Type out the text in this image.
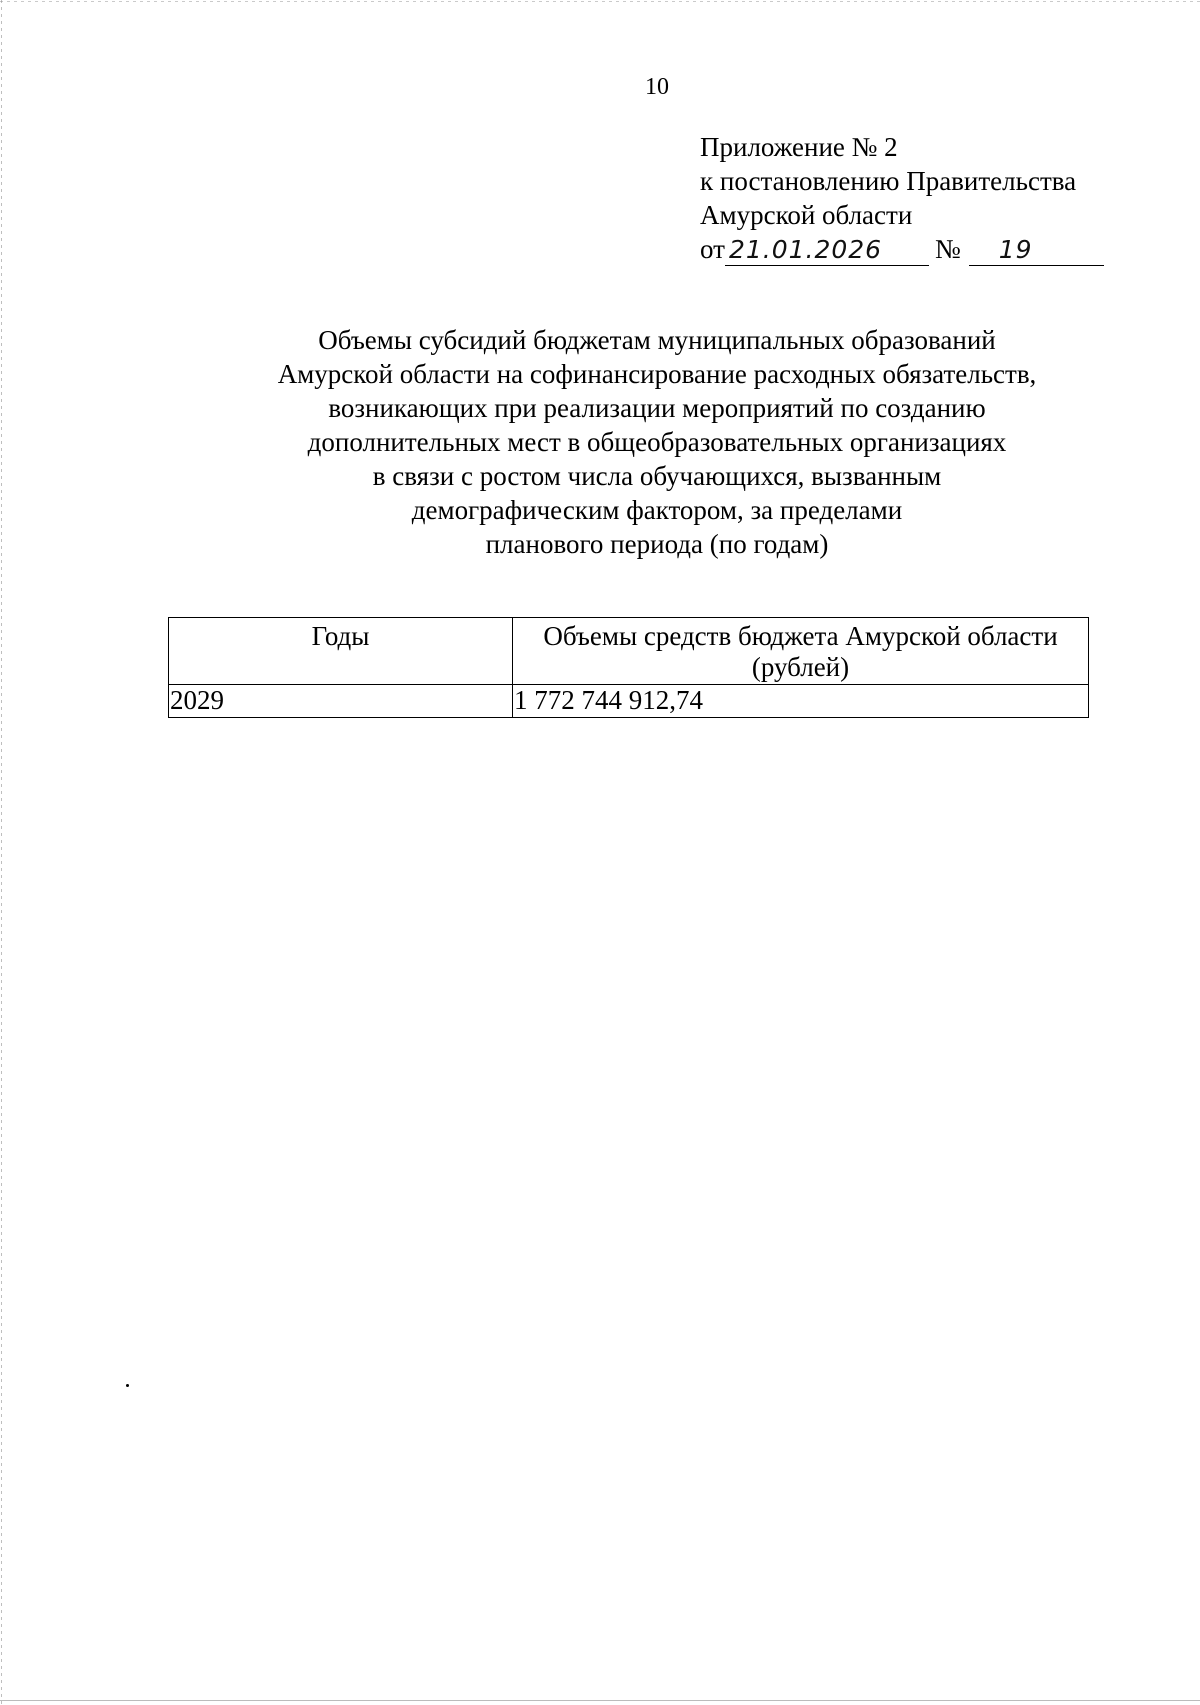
10
Приложение № 2
к постановлению Правительства
Амурской области
от 21.01.2026	№	19
Объемы субсидий бюджетам муниципальных образований
Амурской области на софинансирование расходных обязательств,
возникающих при реализации мероприятий по созданию
дополнительных мест в общеобразовательных организациях
в связи с ростом числа обучающихся, вызванным
демографическим фактором, за пределами
планового периода (по годам)
Годы	Объемы средств бюджета Амурской области
(рублей)

2029	1 772 744 912,74
